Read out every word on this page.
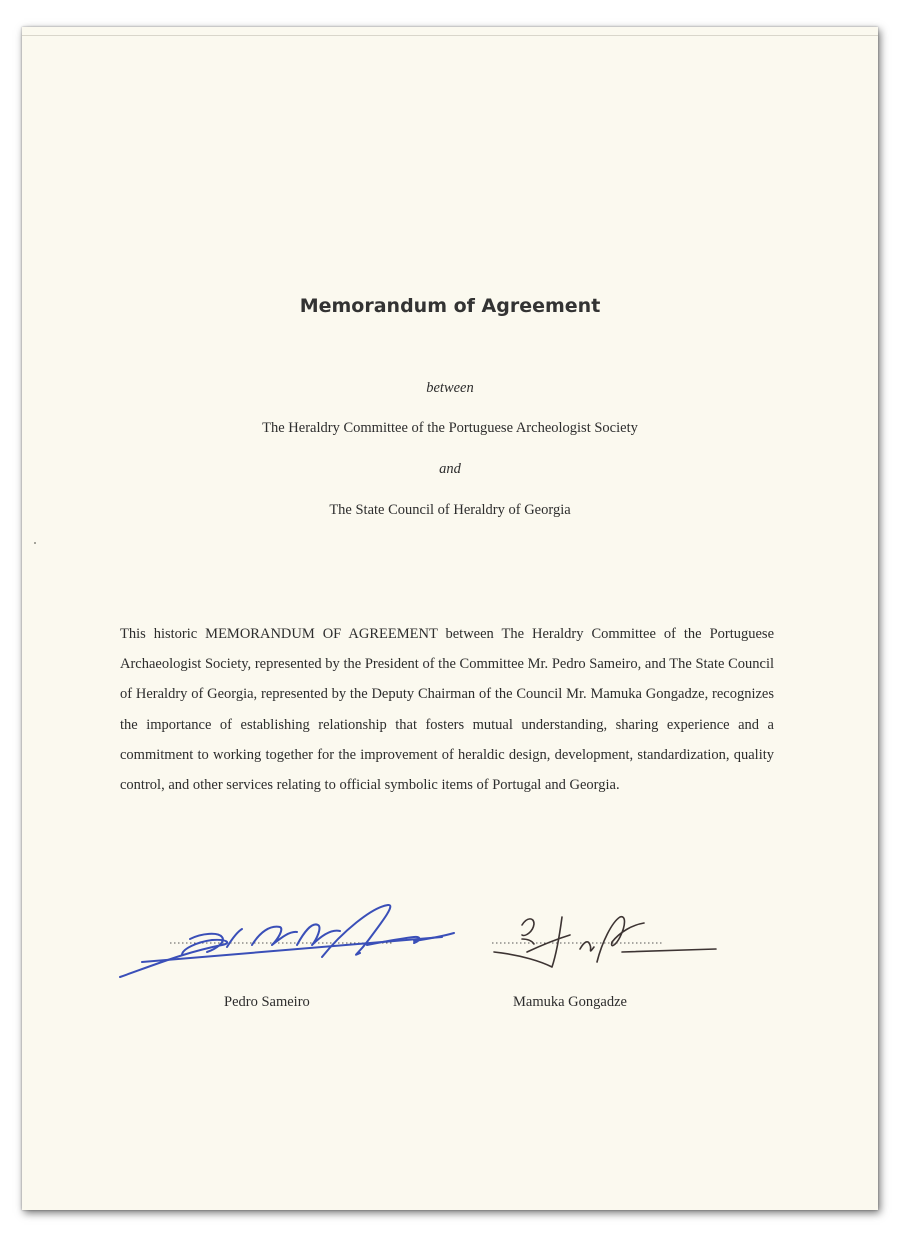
Memorandum of Agreement
between
The Heraldry Committee of the Portuguese Archeologist Society
and
The State Council of Heraldry of Georgia
This historic MEMORANDUM OF AGREEMENT between The Heraldry Committee of the Portuguese Archaeologist Society, represented by the President of the Committee Mr. Pedro Sameiro, and The State Council of Heraldry of Georgia, represented by the Deputy Chairman of the Council Mr. Mamuka Gongadze, recognizes the importance of establishing relationship that fosters mutual understanding, sharing experience and a commitment to working together for the improvement of heraldic design, development, standardization, quality control, and other services relating to official symbolic items of Portugal and Georgia.
Pedro Sameiro	Mamuka Gongadze
